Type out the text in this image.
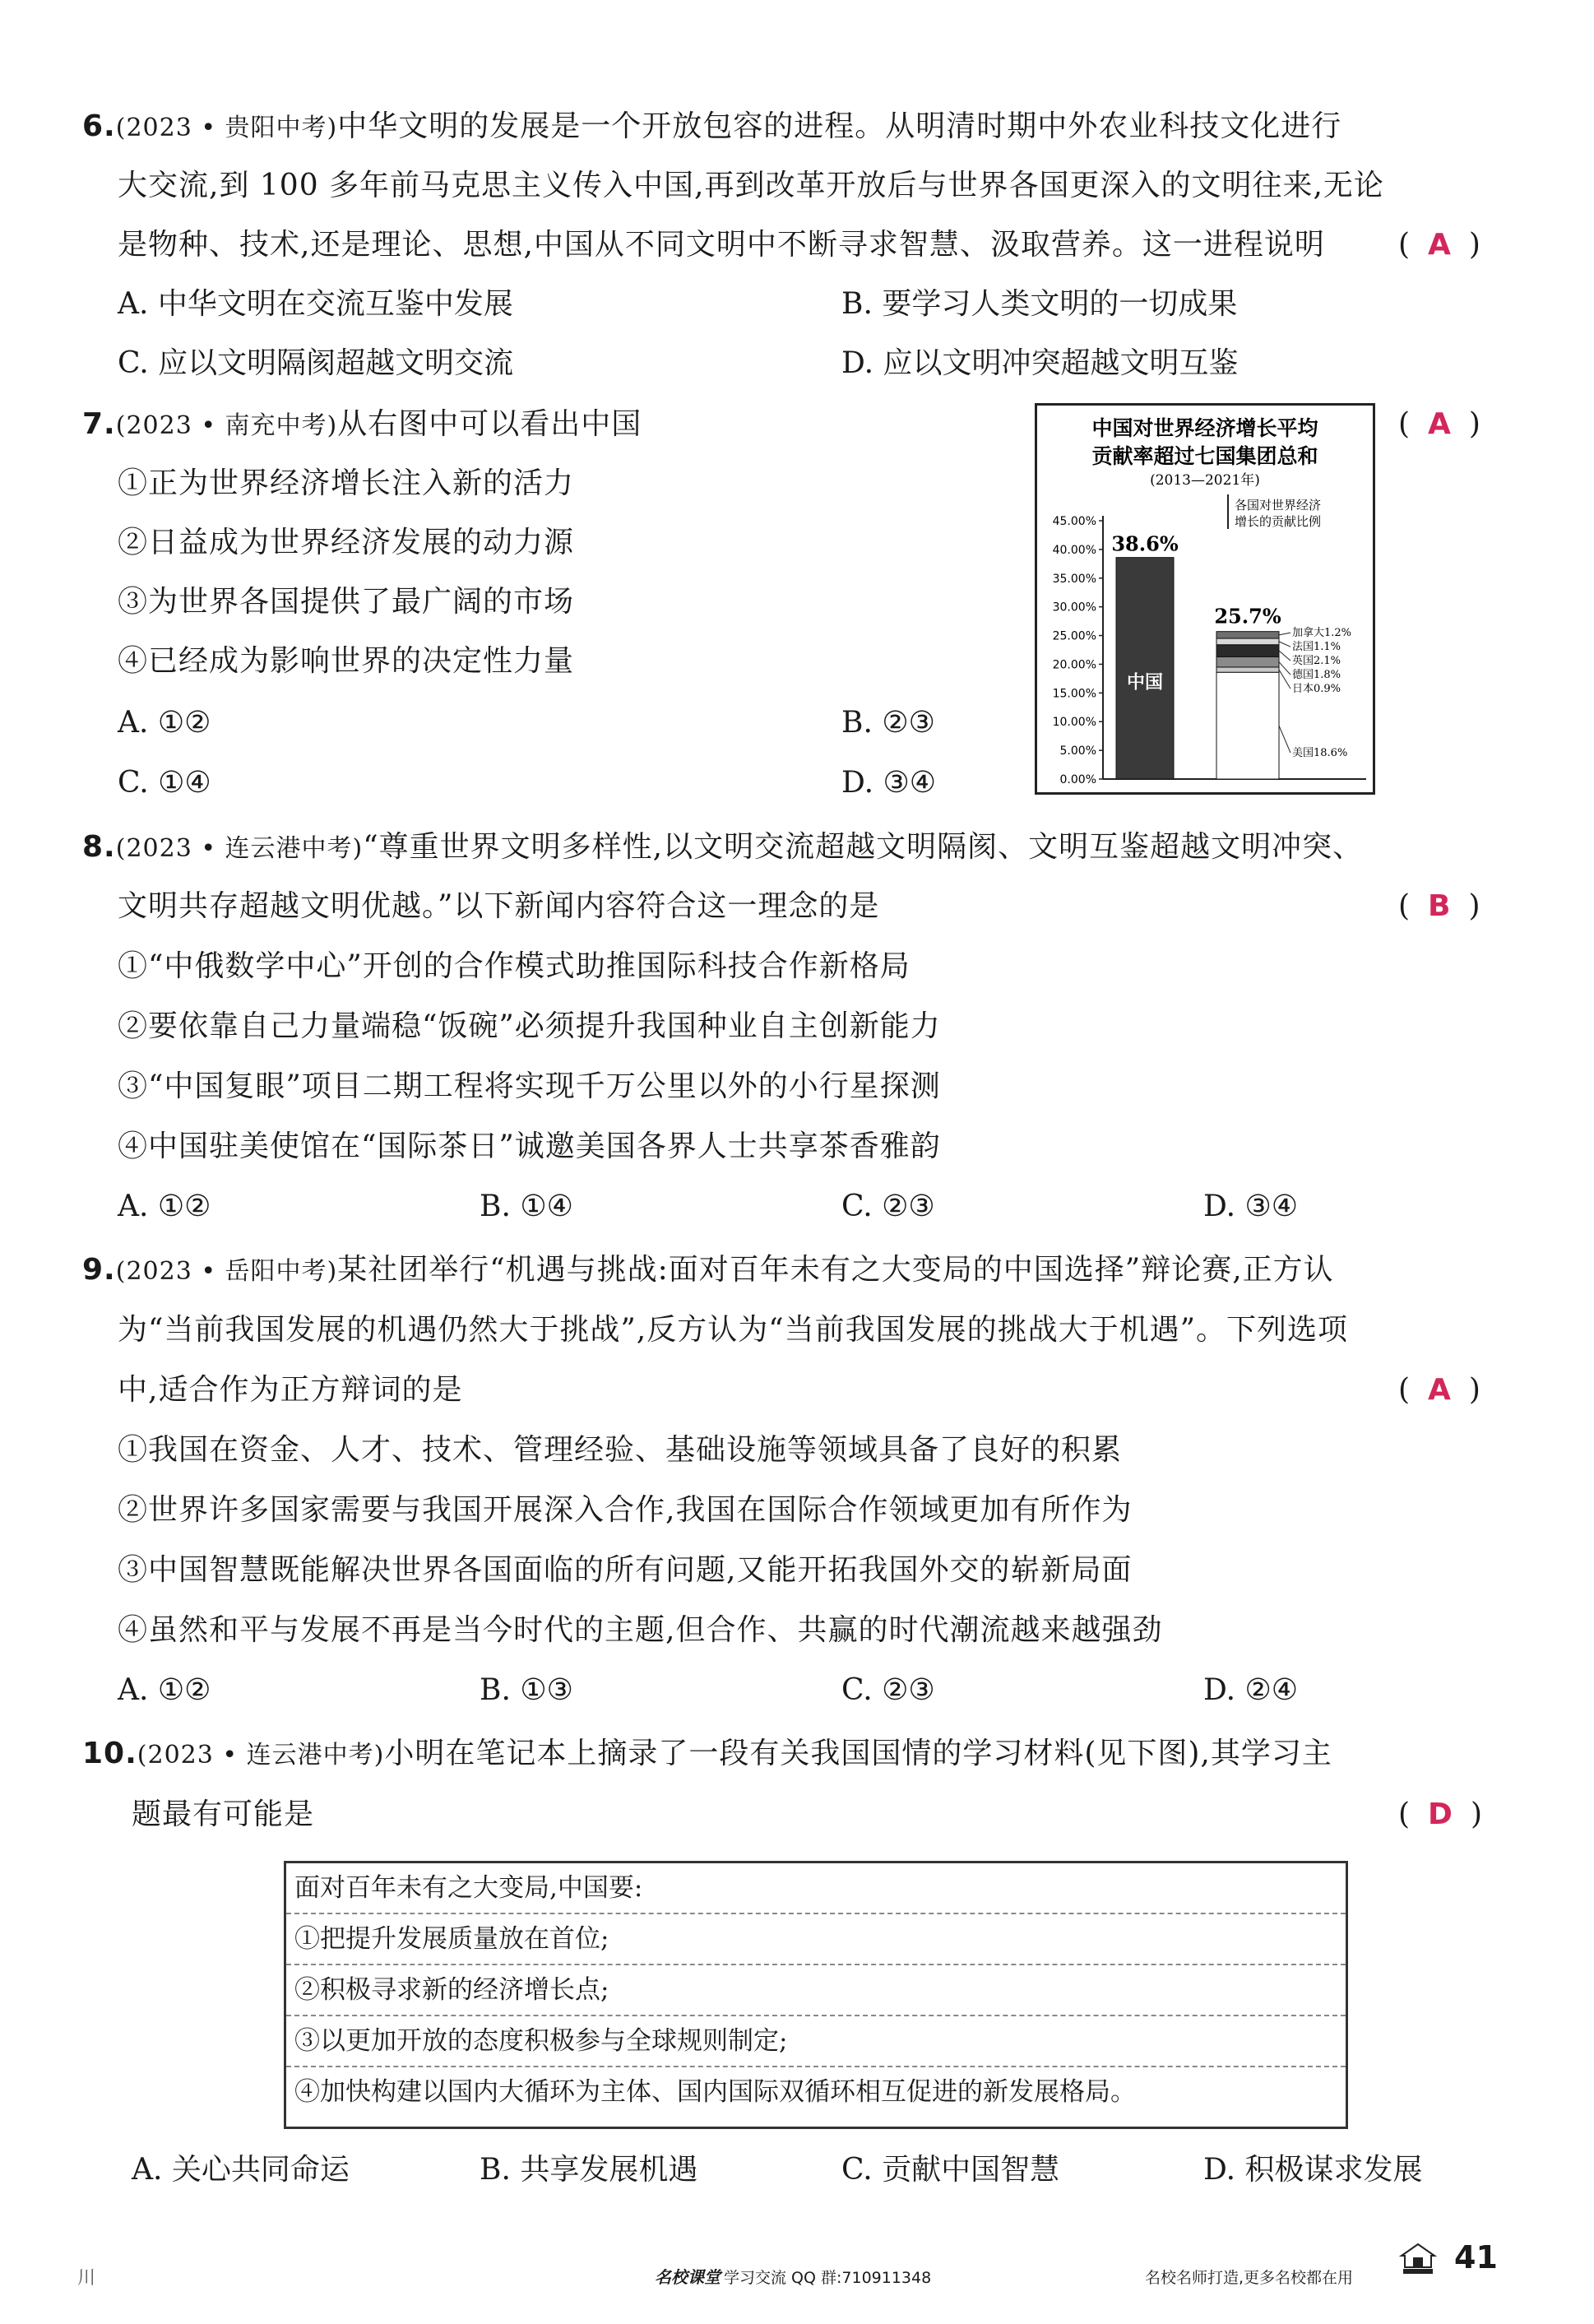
6.(2023 • 贵阳中考)中华文明的发展是一个开放包容的进程。从明清时期中外农业科技文化进行
大交流,到 100 多年前马克思主义传入中国,再到改革开放后与世界各国更深入的文明往来,无论
是物种、技术,还是理论、思想,中国从不同文明中不断寻求智慧、汲取营养。这一进程说明 ( A )
A. 中华文明在交流互鉴中发展	B. 要学习人类文明的一切成果
C. 应以文明隔阂超越文明交流	D. 应以文明冲突超越文明互鉴
7.(2023 • 南充中考)从右图中可以看出中国	( A )
①正为世界经济增长注入新的活力
②日益成为世界经济发展的动力源
③为世界各国提供了最广阔的市场
④已经成为影响世界的决定性力量
A. ①②	B. ②③
C. ①④	D. ③④
中国对世界经济增长平均
贡献率超过七国集团总和
(2013—2021年)
各国对世界经济
增长的贡献比例
0.00%
5.00%
10.00%
15.00%
20.00%
25.00%
30.00%
35.00%
40.00%
45.00%
38.6%
中国
25.7%
加拿大1.2%
法国1.1%
英国2.1%
德国1.8%
日本0.9%
美国18.6%
8.(2023 • 连云港中考)“尊重世界文明多样性,以文明交流超越文明隔阂、文明互鉴超越文明冲突、
文明共存超越文明优越。”以下新闻内容符合这一理念的是	( B )
①“中俄数学中心”开创的合作模式助推国际科技合作新格局
②要依靠自己力量端稳“饭碗”必须提升我国种业自主创新能力
③“中国复眼”项目二期工程将实现千万公里以外的小行星探测
④中国驻美使馆在“国际茶日”诚邀美国各界人士共享茶香雅韵
A. ①②	B. ①④	C. ②③	D. ③④
9.(2023 • 岳阳中考)某社团举行“机遇与挑战:面对百年未有之大变局的中国选择”辩论赛,正方认
为“当前我国发展的机遇仍然大于挑战”,反方认为“当前我国发展的挑战大于机遇”。下列选项
中,适合作为正方辩词的是	( A )
①我国在资金、人才、技术、管理经验、基础设施等领域具备了良好的积累
②世界许多国家需要与我国开展深入合作,我国在国际合作领域更加有所作为
③中国智慧既能解决世界各国面临的所有问题,又能开拓我国外交的崭新局面
④虽然和平与发展不再是当今时代的主题,但合作、共赢的时代潮流越来越强劲
A. ①②	B. ①③	C. ②③	D. ②④
10.(2023 • 连云港中考)小明在笔记本上摘录了一段有关我国国情的学习材料(见下图),其学习主
题最有可能是	( D )
面对百年未有之大变局,中国要:
①把提升发展质量放在首位;
②积极寻求新的经济增长点;
③以更加开放的态度积极参与全球规则制定;
④加快构建以国内大循环为主体、国内国际双循环相互促进的新发展格局。
A. 关心共同命运	B. 共享发展机遇	C. 贡献中国智慧	D. 积极谋求发展
川	名校课堂 学习交流 QQ 群:710911348	名校名师打造,更多名校都在用
41
